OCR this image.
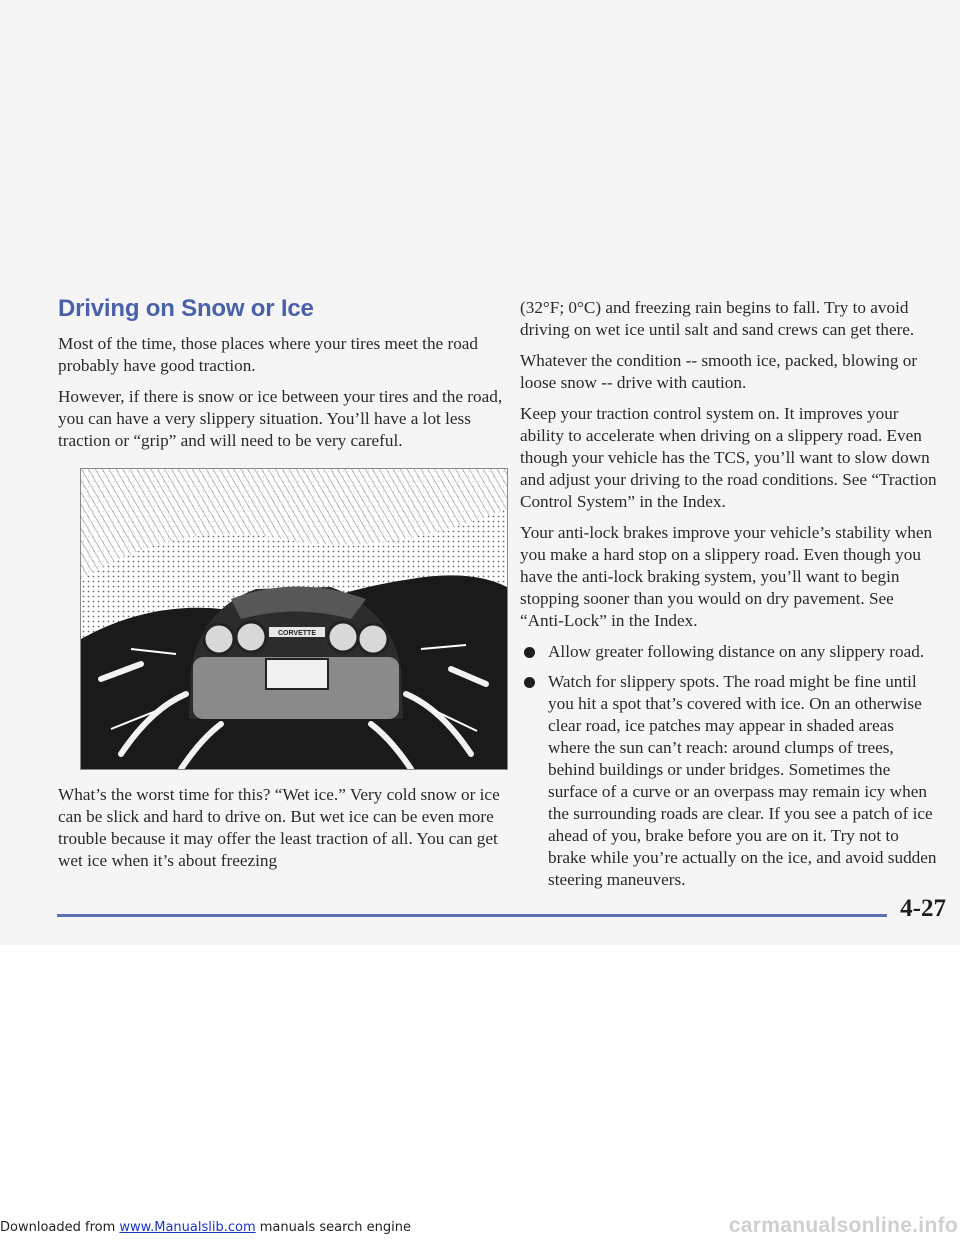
Driving on Snow or Ice

Most of the time, those places where your tires meet the road probably have good traction.

However, if there is snow or ice between your tires and the road, you can have a very slippery situation. You’ll have a lot less traction or “grip” and will need to be very careful.

CORVETTE

What’s the worst time for this? “Wet ice.” Very cold snow or ice can be slick and hard to drive on. But wet ice can be even more trouble because it may offer the least traction of all. You can get wet ice when it’s about freezing

(32°F; 0°C) and freezing rain begins to fall. Try to avoid driving on wet ice until salt and sand crews can get there.

Whatever the condition -- smooth ice, packed, blowing or loose snow -- drive with caution.

Keep your traction control system on. It improves your ability to accelerate when driving on a slippery road. Even though your vehicle has the TCS, you’ll want to slow down and adjust your driving to the road conditions. See “Traction Control System” in the Index.

Your anti-lock brakes improve your vehicle’s stability when you make a hard stop on a slippery road. Even though you have the anti-lock braking system, you’ll want to begin stopping sooner than you would on dry pavement. See “Anti-Lock” in the Index.

Allow greater following distance on any slippery road.

Watch for slippery spots. The road might be fine until you hit a spot that’s covered with ice. On an otherwise clear road, ice patches may appear in shaded areas where the sun can’t reach: around clumps of trees, behind buildings or under bridges. Sometimes the surface of a curve or an overpass may remain icy when the surrounding roads are clear. If you see a patch of ice ahead of you, brake before you are on it. Try not to brake while you’re actually on the ice, and avoid sudden steering maneuvers.

4-27
Downloaded from www.Manualslib.com manuals search engine	carmanualsonline.info
